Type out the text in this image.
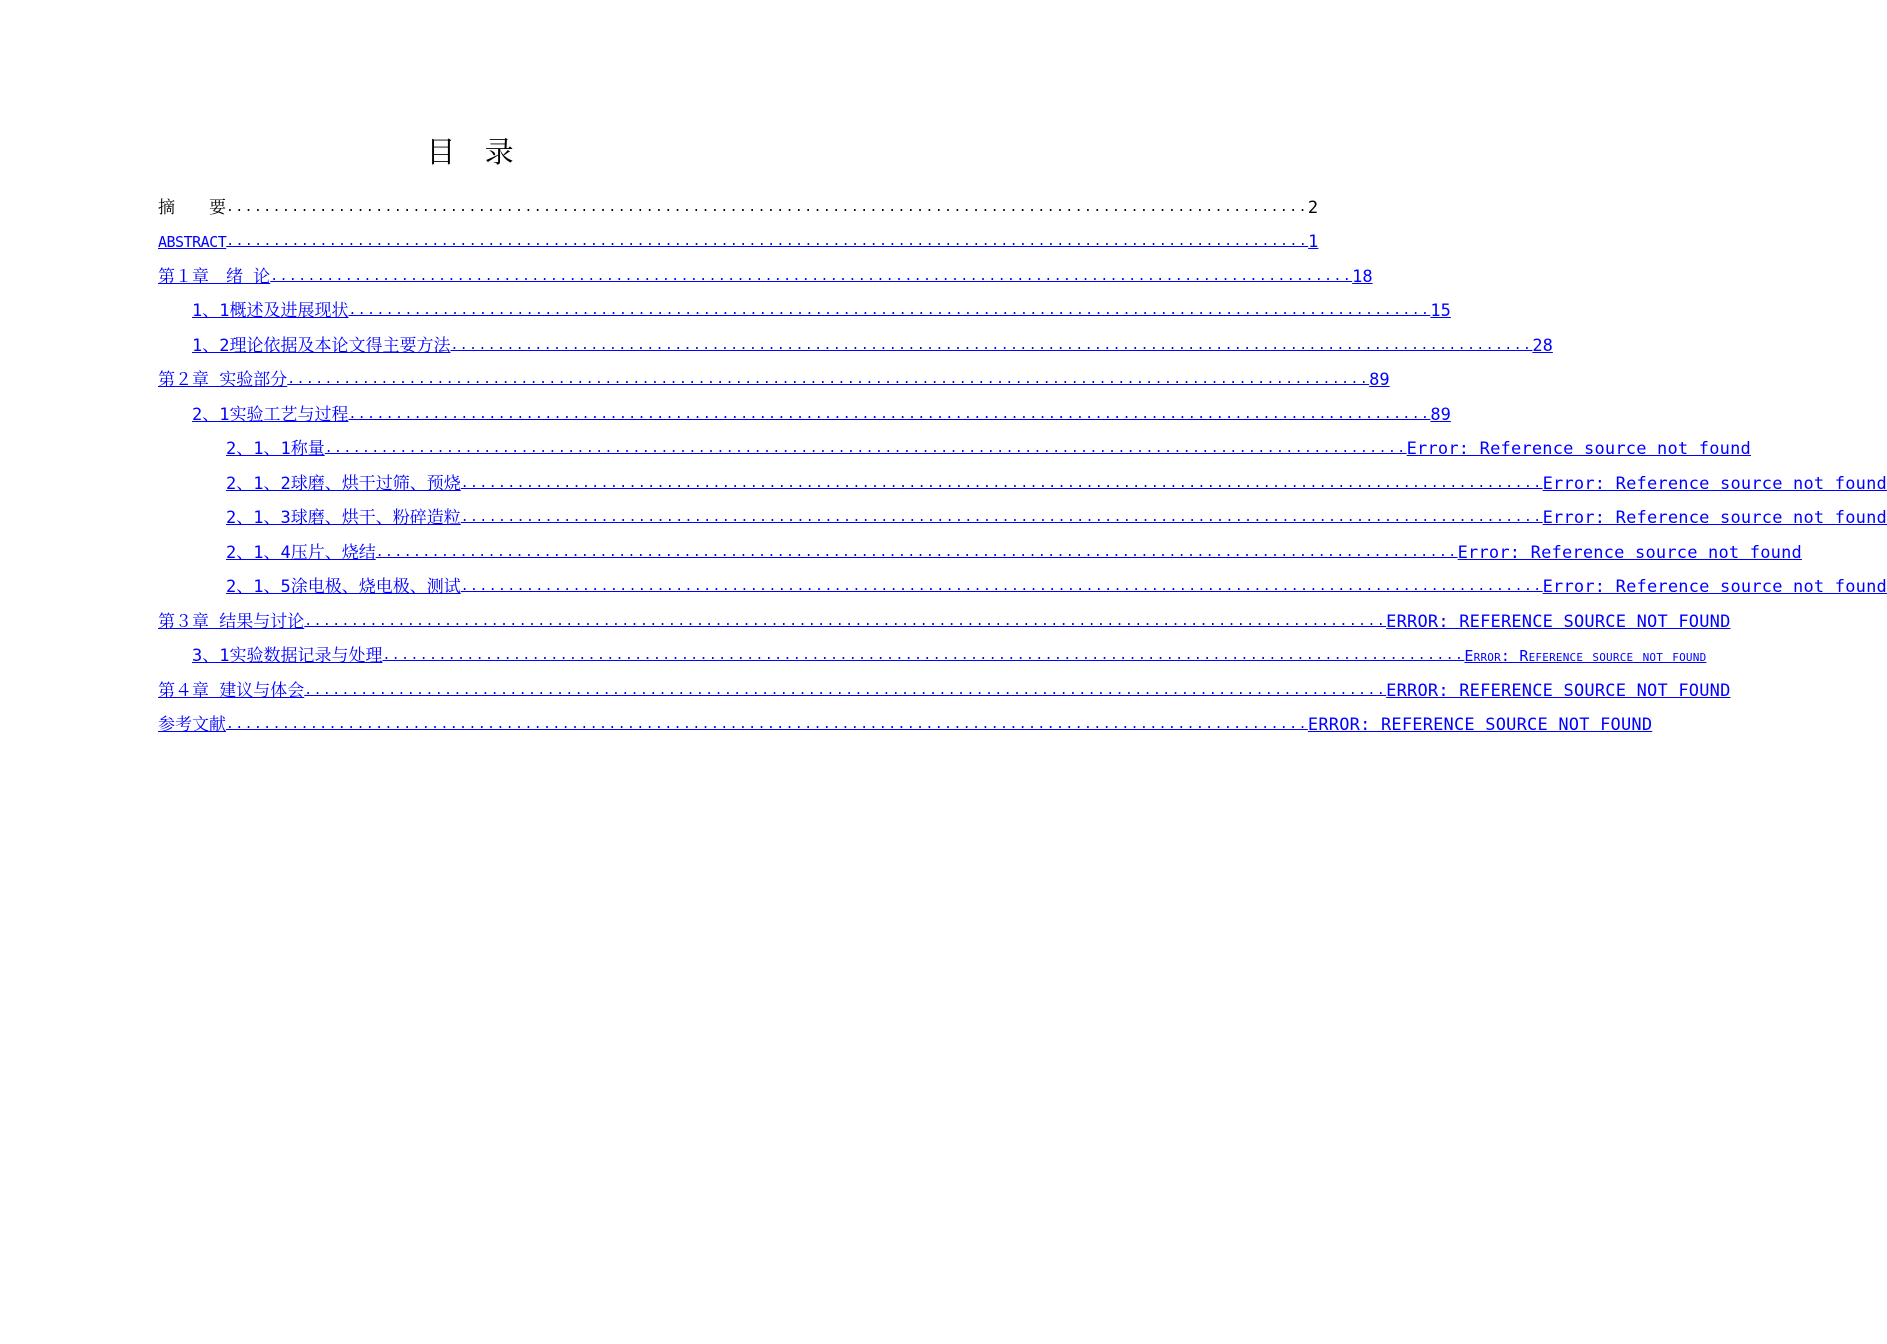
目 录
摘　　要 .................................................................................................................... 2
ABSTRACT .................................................................................................................... 1
第１章　绪 论 .................................................................................................................... 18
1、1概述及进展现状 .................................................................................................................... 15
1、2理论依据及本论文得主要方法 .................................................................................................................... 28
第２章 实验部分 .................................................................................................................... 89
2、1实验工艺与过程 .................................................................................................................... 89
2、1、1称量 .................................................................................................................... Error: Reference source not found
2、1、2球磨、烘干过筛、预烧 .................................................................................................................... Error: Reference source not found
2、1、3球磨、烘干、粉碎造粒 .................................................................................................................... Error: Reference source not found
2、1、4压片、烧结 .................................................................................................................... Error: Reference source not found
2、1、5涂电极、烧电极、测试 .................................................................................................................... Error: Reference source not found
第３章 结果与讨论 .................................................................................................................... ERROR: REFERENCE SOURCE NOT FOUND
3、1实验数据记录与处理 .................................................................................................................... Error: Reference source not found
第４章 建议与体会 .................................................................................................................... ERROR: REFERENCE SOURCE NOT FOUND
参考文献 .................................................................................................................... ERROR: REFERENCE SOURCE NOT FOUND
